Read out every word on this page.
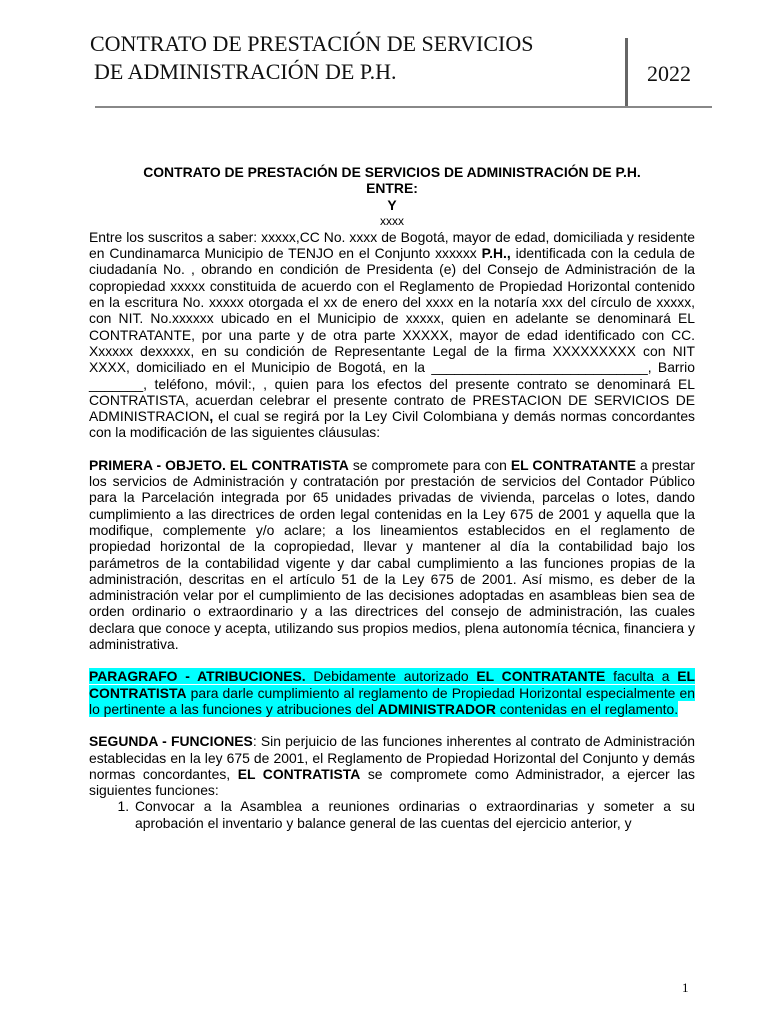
CONTRATO DE PRESTACIÓN DE SERVICIOS
DE ADMINISTRACIÓN DE P.H.	2022
CONTRATO DE PRESTACIÓN DE SERVICIOS DE ADMINISTRACIÓN DE P.H.
ENTRE:
Y
xxxx
Entre los suscritos a saber: xxxxx,CC No. xxxx de Bogotá, mayor de edad, domiciliada y residente en Cundinamarca Municipio de TENJO en el Conjunto xxxxxx P.H., identificada con la cedula de ciudadanía No. , obrando en condición de Presidenta (e) del Consejo de Administración de la copropiedad xxxxx constituida de acuerdo con el Reglamento de Propiedad Horizontal contenido en la escritura No. xxxxx otorgada el xx de enero del xxxx en la notaría xxx del círculo de xxxxx, con NIT. No.xxxxxx ubicado en el Municipio de xxxxx, quien en adelante se denominará EL CONTRATANTE, por una parte y de otra parte XXXXX, mayor de edad identificado con CC. Xxxxxx dexxxxx, en su condición de Representante Legal de la firma XXXXXXXXX con NIT XXXX, domiciliado en el Municipio de Bogotá, en la ____________________________, Barrio _______, teléfono, móvil:, , quien para los efectos del presente contrato se denominará EL CONTRATISTA, acuerdan celebrar el presente contrato de PRESTACION DE SERVICIOS DE ADMINISTRACION, el cual se regirá por la Ley Civil Colombiana y demás normas concordantes con la modificación de las siguientes cláusulas:
PRIMERA - OBJETO. EL CONTRATISTA se compromete para con EL CONTRATANTE a prestar los servicios de Administración y contratación por prestación de servicios del Contador Público para la Parcelación integrada por 65 unidades privadas de vivienda, parcelas o lotes, dando cumplimiento a las directrices de orden legal contenidas en la Ley 675 de 2001 y aquella que la modifique, complemente y/o aclare; a los lineamientos establecidos en el reglamento de propiedad horizontal de la copropiedad, llevar y mantener al día la contabilidad bajo los parámetros de la contabilidad vigente y dar cabal cumplimiento a las funciones propias de la administración, descritas en el artículo 51 de la Ley 675 de 2001. Así mismo, es deber de la administración velar por el cumplimiento de las decisiones adoptadas en asambleas bien sea de orden ordinario o extraordinario y a las directrices del consejo de administración, las cuales declara que conoce y acepta, utilizando sus propios medios, plena autonomía técnica, financiera y administrativa.
PARAGRAFO - ATRIBUCIONES. Debidamente autorizado EL CONTRATANTE faculta a EL CONTRATISTA para darle cumplimiento al reglamento de Propiedad Horizontal especialmente en lo pertinente a las funciones y atribuciones del ADMINISTRADOR contenidas en el reglamento.
SEGUNDA - FUNCIONES: Sin perjuicio de las funciones inherentes al contrato de Administración establecidas en la ley 675 de 2001, el Reglamento de Propiedad Horizontal del Conjunto y demás normas concordantes, EL CONTRATISTA se compromete como Administrador, a ejercer las siguientes funciones:
1. Convocar a la Asamblea a reuniones ordinarias o extraordinarias y someter a su aprobación el inventario y balance general de las cuentas del ejercicio anterior, y
1
